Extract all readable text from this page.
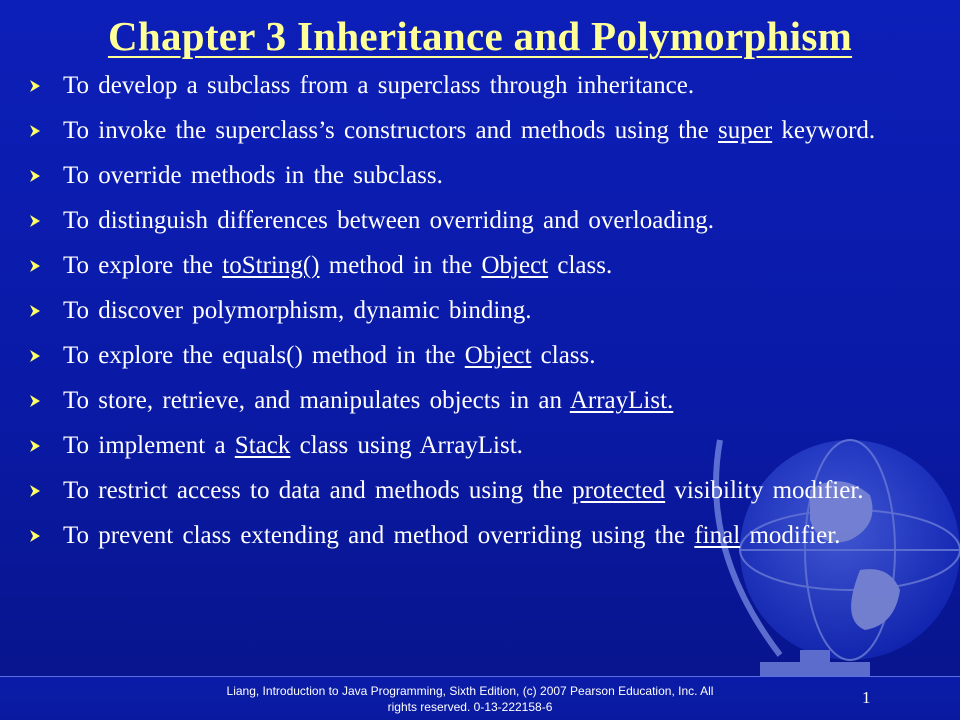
Chapter 3 Inheritance and Polymorphism
To develop a subclass from a superclass through inheritance.
To invoke the superclass’s constructors and methods using the super keyword.
To override methods in the subclass.
To distinguish differences between overriding and overloading.
To explore the toString() method in the Object class.
To discover polymorphism, dynamic binding.
To explore the equals() method in the Object class.
To store, retrieve, and manipulates objects in an ArrayList.
To implement a Stack class using ArrayList.
To restrict access to data and methods using the protected visibility modifier.
To prevent class extending and method overriding using the final modifier.
Liang, Introduction to Java Programming, Sixth Edition, (c) 2007 Pearson Education, Inc. All
rights reserved. 0-13-222158-6	1
